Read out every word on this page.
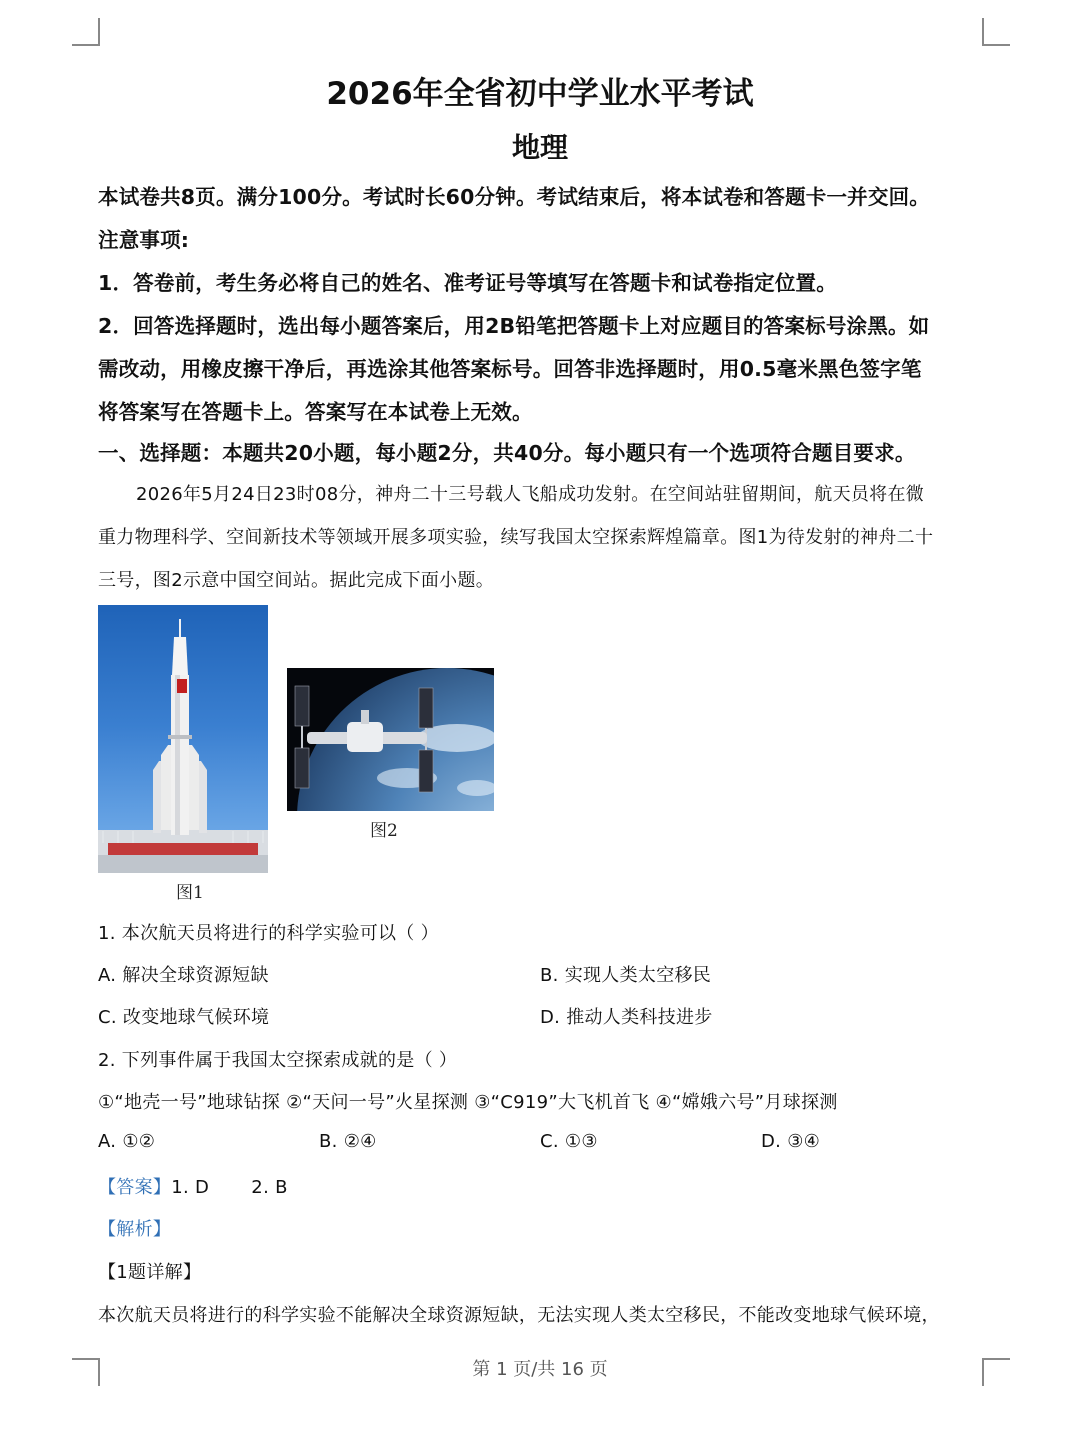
2026年全省初中学业水平考试
地理
本试卷共8页。满分100分。考试时长60分钟。考试结束后，将本试卷和答题卡一并交回。
注意事项:
1．答卷前，考生务必将自己的姓名、准考证号等填写在答题卡和试卷指定位置。
2．回答选择题时，选出每小题答案后，用2B铅笔把答题卡上对应题目的答案标号涂黑。如
需改动，用橡皮擦干净后，再选涂其他答案标号。回答非选择题时，用0.5毫米黑色签字笔
将答案写在答题卡上。答案写在本试卷上无效。
一、选择题：本题共20小题，每小题2分，共40分。每小题只有一个选项符合题目要求。
2026年5月24日23时08分，神舟二十三号载人飞船成功发射。在空间站驻留期间，航天员将在微
重力物理科学、空间新技术等领域开展多项实验，续写我国太空探索辉煌篇章。图1为待发射的神舟二十
三号，图2示意中国空间站。据此完成下面小题。
图1
图2
1. 本次航天员将进行的科学实验可以（ ）
A. 解决全球资源短缺	B. 实现人类太空移民
C. 改变地球气候环境	D. 推动人类科技进步
2. 下列事件属于我国太空探索成就的是（ ）
①“地壳一号”地球钻探 ②“天问一号”火星探测 ③“C919”大飞机首飞 ④“嫦娥六号”月球探测
A. ①②	B. ②④	C. ①③	D. ③④
【答案】1. D       2. B
【解析】
【1题详解】
本次航天员将进行的科学实验不能解决全球资源短缺，无法实现人类太空移民，不能改变地球气候环境，
第 1 页/共 16 页
